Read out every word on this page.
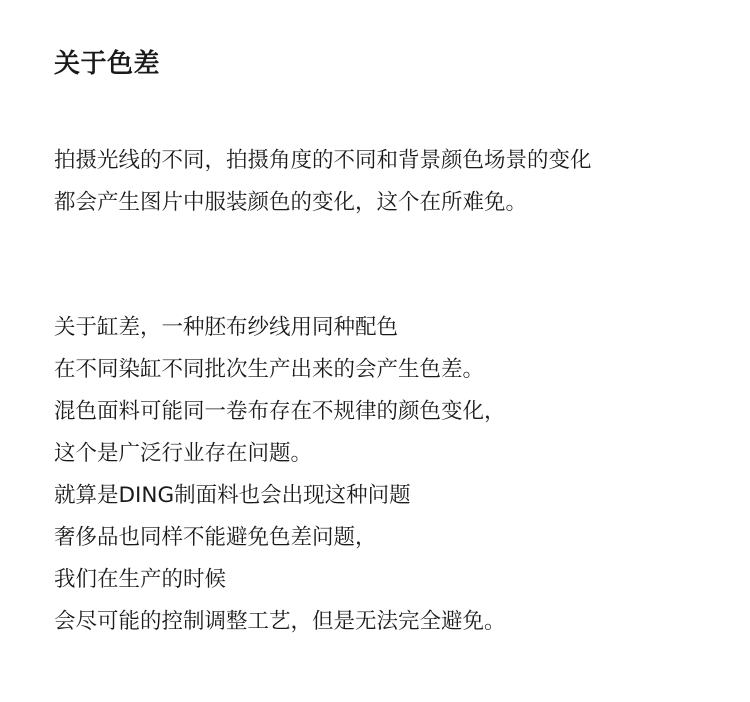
关于色差
拍摄光线的不同，拍摄角度的不同和背景颜色场景的变化
都会产生图片中服装颜色的变化，这个在所难免。
关于缸差，一种胚布纱线用同种配色
在不同染缸不同批次生产出来的会产生色差。
混色面料可能同一卷布存在不规律的颜色变化，
这个是广泛行业存在问题。
就算是DING制面料也会出现这种问题
奢侈品也同样不能避免色差问题，
我们在生产的时候
会尽可能的控制调整工艺，但是无法完全避免。
